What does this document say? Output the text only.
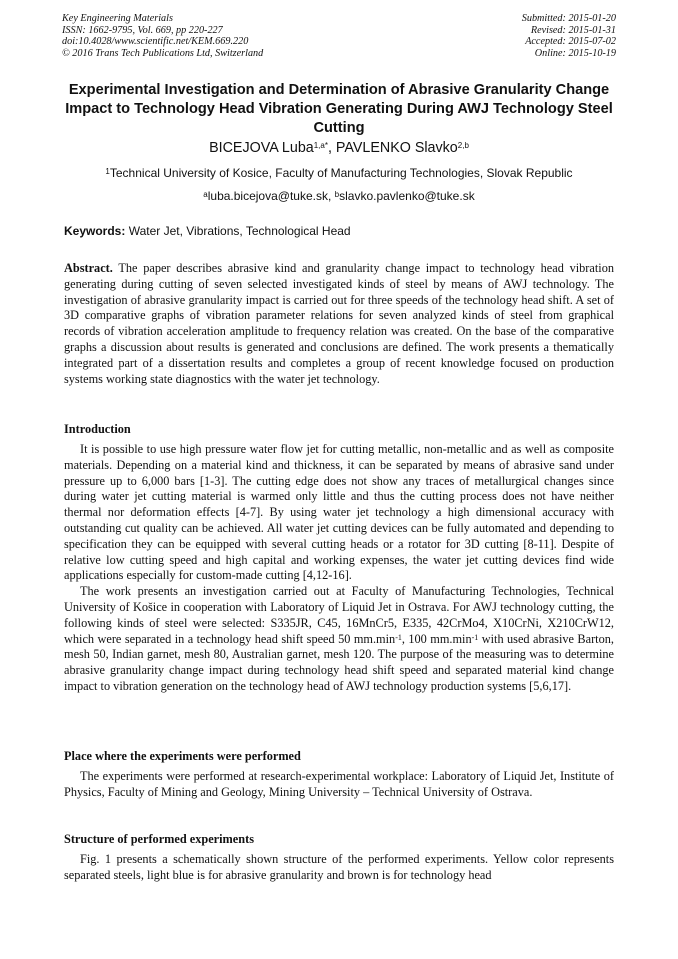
Key Engineering Materials
ISSN: 1662-9795, Vol. 669, pp 220-227
doi:10.4028/www.scientific.net/KEM.669.220
© 2016 Trans Tech Publications Ltd, Switzerland
Submitted: 2015-01-20
Revised: 2015-01-31
Accepted: 2015-07-02
Online: 2015-10-19
Experimental Investigation and Determination of Abrasive Granularity Change Impact to Technology Head Vibration Generating During AWJ Technology Steel Cutting
BICEJOVA Luba$^{1,a*}$, PAVLENKO Slavko$^{2,b}$
$^1$Technical University of Kosice, Faculty of Manufacturing Technologies, Slovak Republic
$^a$luba.bicejova@tuke.sk, $^b$slavko.pavlenko@tuke.sk
Keywords: Water Jet, Vibrations, Technological Head

Abstract. The paper describes abrasive kind and granularity change impact to technology head vibration generating during cutting of seven selected investigated kinds of steel by means of AWJ technology. The investigation of abrasive granularity impact is carried out for three speeds of the technology head shift. A set of 3D comparative graphs of vibration parameter relations for seven analyzed kinds of steel from graphical records of vibration acceleration amplitude to frequency relation was created. On the base of the comparative graphs a discussion about results is generated and conclusions are defined. The work presents a thematically integrated part of a dissertation results and completes a group of recent knowledge focused on production systems working state diagnostics with the water jet technology.

Introduction

It is possible to use high pressure water flow jet for cutting metallic, non-metallic and as well as composite materials. Depending on a material kind and thickness, it can be separated by means of abrasive sand under pressure up to 6,000 bars [1-3]. The cutting edge does not show any traces of metallurgical changes since during water jet cutting material is warmed only little and thus the cutting process does not have neither thermal nor deformation effects [4-7]. By using water jet technology a high dimensional accuracy with outstanding cut quality can be achieved. All water jet cutting devices can be fully automated and depending to specification they can be equipped with several cutting heads or a rotator for 3D cutting [8-11]. Despite of relative low cutting speed and high capital and working expenses, the water jet cutting devices find wide applications especially for custom-made cutting [4,12-16].

The work presents an investigation carried out at Faculty of Manufacturing Technologies, Technical University of Košice in cooperation with Laboratory of Liquid Jet in Ostrava. For AWJ technology cutting, the following kinds of steel were selected: S335JR, C45, 16MnCr5, E335, 42CrMo4, X10CrNi, X210CrW12, which were separated in a technology head shift speed 50 $mm.\min^{-1}$, 100 $mm.\min^{-1}$ with used abrasive Barton, mesh 50, Indian garnet, mesh 80, Australian garnet, mesh 120. The purpose of the measuring was to determine abrasive granularity change impact during technology head shift speed and separated material kind change impact to vibration generation on the technology head of AWJ technology production systems [5,6,17].

Place where the experiments were performed

The experiments were performed at research-experimental workplace: Laboratory of Liquid Jet, Institute of Physics, Faculty of Mining and Geology, Mining University – Technical University of Ostrava.

Structure of performed experiments

Fig. 1 presents a schematically shown structure of the performed experiments. Yellow color represents separated steels, light blue is for abrasive granularity and brown is for technology head
